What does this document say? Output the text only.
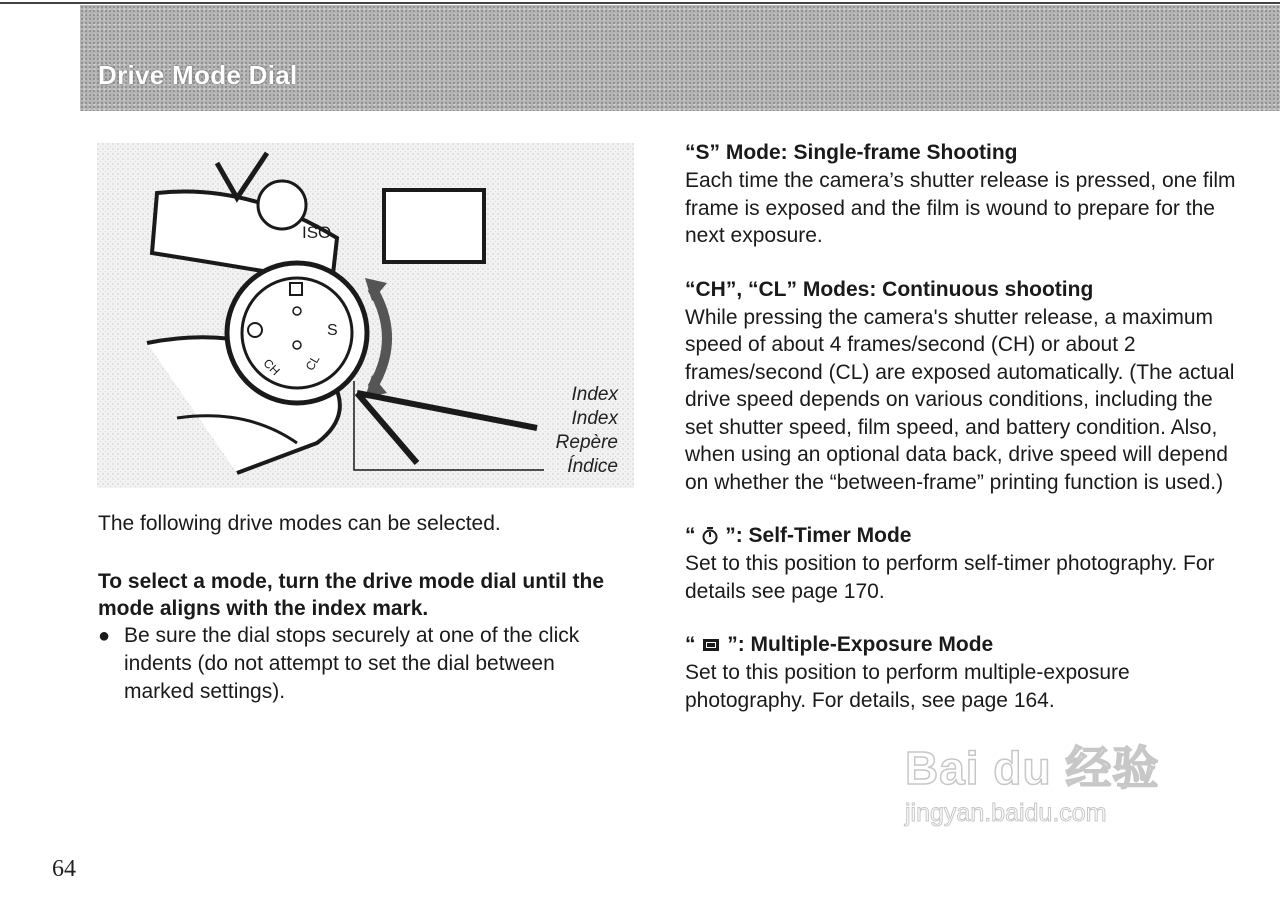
Drive Mode Dial
ISO
S
CH CL
Index
Index
Repère
Índice

The following drive modes can be selected.

To select a mode, turn the drive mode dial until the mode aligns with the index mark.

● Be sure the dial stops securely at one of the click indents (do not attempt to set the dial between marked settings).

“S” Mode: Single-frame Shooting

Each time the camera’s shutter release is pressed, one film frame is exposed and the film is wound to prepare for the next exposure.

“CH”, “CL” Modes: Continuous shooting

While pressing the camera's shutter release, a maximum speed of about 4 frames/second (CH) or about 2 frames/second (CL) are exposed automatically. (The actual drive speed depends on various conditions, including the set shutter speed, film speed, and battery condition. Also, when using an optional data back, drive speed will depend on whether the “between-frame” printing function is used.)

“ ”: Self-Timer Mode

Set to this position to perform self-timer photography. For details see page 170.

“ ”: Multiple-Exposure Mode

Set to this position to perform multiple-exposure photography. For details, see page 164.

64
Bai du 经验
jingyan.baidu.com
